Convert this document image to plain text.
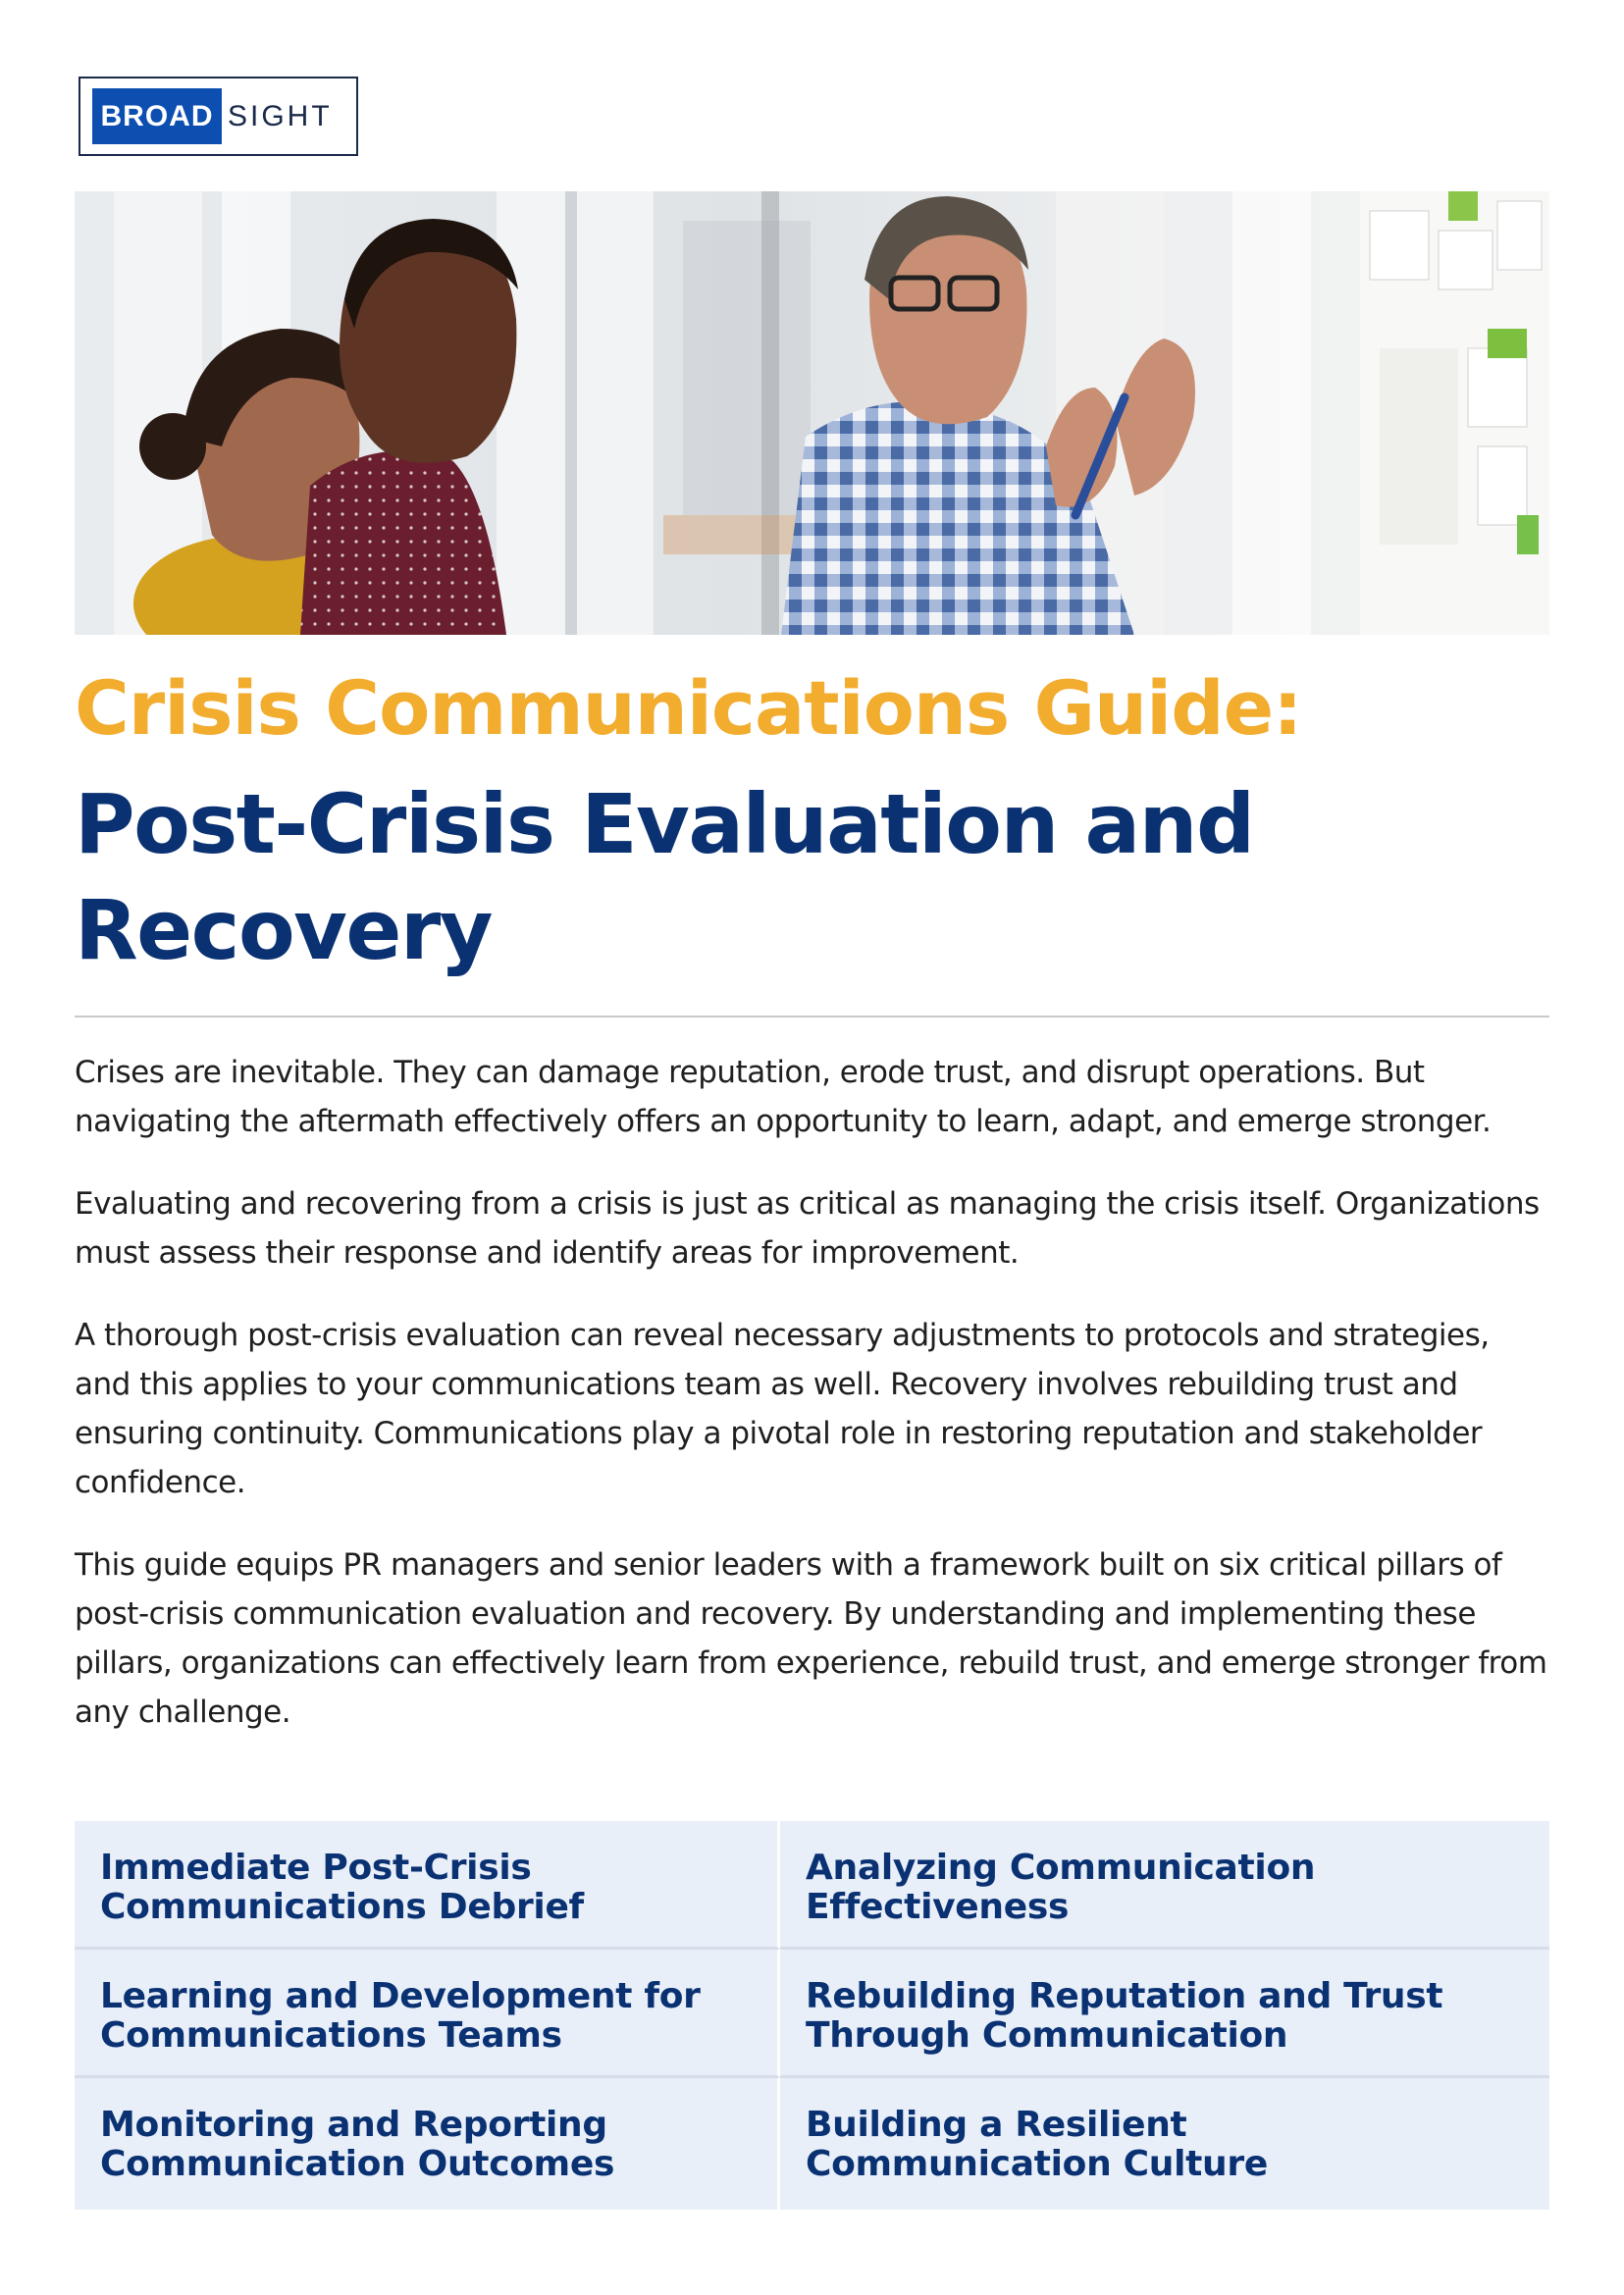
BROAD SIGHT
Crisis Communications Guide:
Post-Crisis Evaluation and
Recovery

Crises are inevitable. They can damage reputation, erode trust, and disrupt operations. But navigating the aftermath effectively offers an opportunity to learn, adapt, and emerge stronger.

Evaluating and recovering from a crisis is just as critical as managing the crisis itself. Organizations must assess their response and identify areas for improvement.

A thorough post-crisis evaluation can reveal necessary adjustments to protocols and strategies, and this applies to your communications team as well. Recovery involves rebuilding trust and ensuring continuity. Communications play a pivotal role in restoring reputation and stakeholder confidence.

This guide equips PR managers and senior leaders with a framework built on six critical pillars of post-crisis communication evaluation and recovery. By understanding and implementing these pillars, organizations can effectively learn from experience, rebuild trust, and emerge stronger from any challenge.

Immediate Post-Crisis
Communications Debrief
Analyzing Communication
Effectiveness
Learning and Development for
Communications Teams
Rebuilding Reputation and Trust
Through Communication
Monitoring and Reporting
Communication Outcomes
Building a Resilient
Communication Culture
